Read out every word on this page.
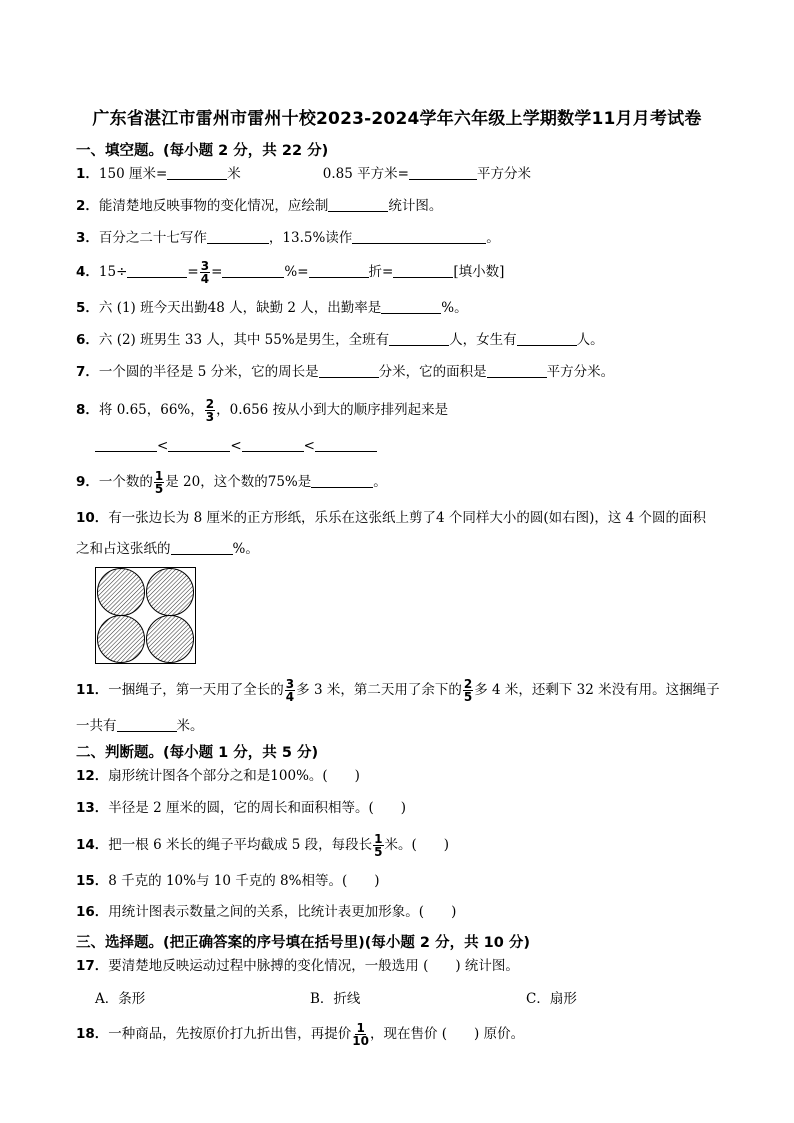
广东省湛江市雷州市雷州十校2023-2024学年六年级上学期数学11月月考试卷
一、填空题。(每小题 2 分，共 22 分)
1．150 厘米=	米	0.85 平方米=	平方分米
2．能清楚地反映事物的变化情况，应绘制	统计图。
3．百分之二十七写作	，13.5%读作	。
4．15÷	= $\frac{3}{4}$ =	%=	折=	[填小数]
5．六 (1) 班今天出勤48 人，缺勤 2 人，出勤率是	%。
6．六 (2) 班男生 33 人，其中 55%是男生，全班有	人，女生有	人。
7．一个圆的半径是 5 分米，它的周长是	分米，它的面积是	平方分米。
8．将 0.65，66%， $\frac{2}{3}$ ，0.656 按从小到大的顺序排列起来是
<	<	<
9．一个数的 $\frac{1}{5}$ 是 20，这个数的75%是	。
10．有一张边长为 8 厘米的正方形纸，乐乐在这张纸上剪了4 个同样大小的圆(如右图)，这 4 个圆的面积
之和占这张纸的	%。
11．一捆绳子，第一天用了全长的 $\frac{3}{4}$ 多 3 米，第二天用了余下的 $\frac{2}{5}$ 多 4 米，还剩下 32 米没有用。这捆绳子
一共有	米。
二、判断题。(每小题 1 分，共 5 分)
12．扇形统计图各个部分之和是100%。(　　)
13．半径是 2 厘米的圆，它的周长和面积相等。(　　)
14．把一根 6 米长的绳子平均截成 5 段，每段长 $\frac{1}{5}$ 米。(　　)
15．8 千克的 10%与 10 千克的 8%相等。(　　)
16．用统计图表示数量之间的关系，比统计表更加形象。(　　)
三、选择题。(把正确答案的序号填在括号里)(每小题 2 分，共 10 分)
17．要清楚地反映运动过程中脉搏的变化情况，一般选用 (　　) 统计图。
A．条形	B．折线	C．扇形
18．一种商品，先按原价打九折出售，再提价 $\frac{1}{10}$ ，现在售价 (　　) 原价。
